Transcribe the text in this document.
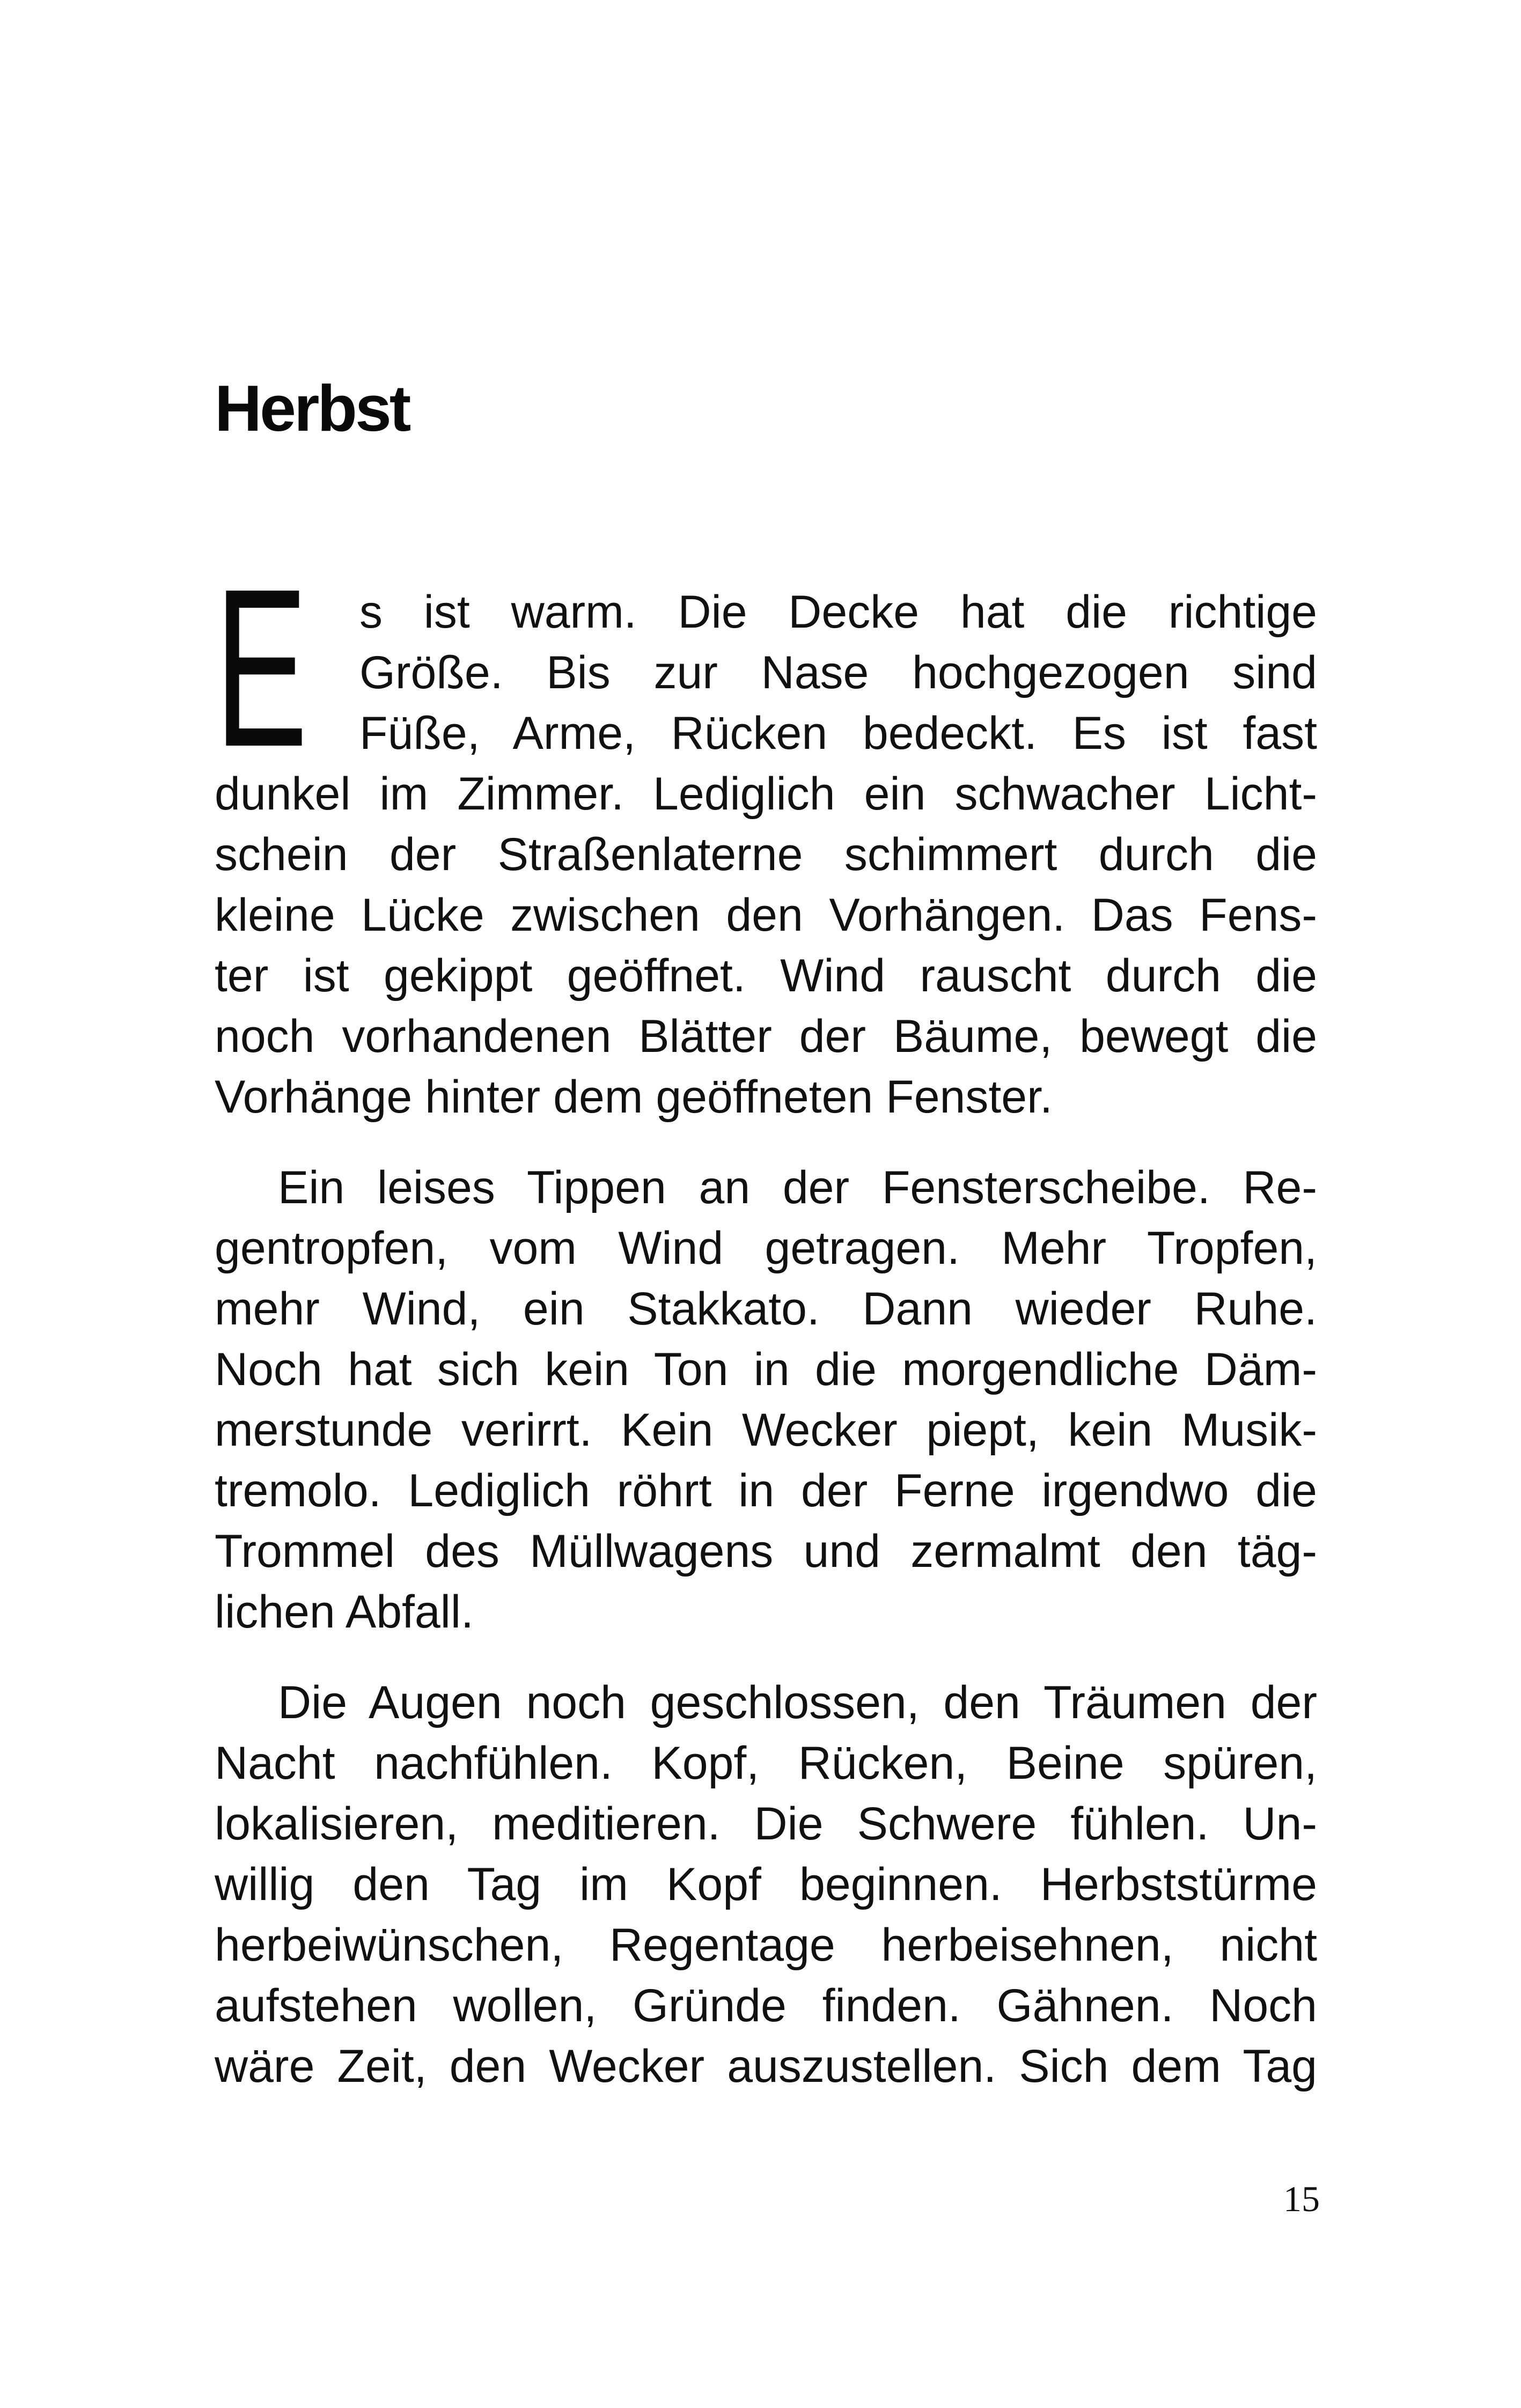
Herbst
E	s ist warm. Die Decke hat die richtige
Größe. Bis zur Nase hochgezogen sind
Füße, Arme, Rücken bedeckt. Es ist fast
dunkel im Zimmer. Lediglich ein schwacher Licht-
schein der Straßenlaterne schimmert durch die
kleine Lücke zwischen den Vorhängen. Das Fens-
ter ist gekippt geöffnet. Wind rauscht durch die
noch vorhandenen Blätter der Bäume, bewegt die
Vorhänge hinter dem geöffneten Fenster.
Ein leises Tippen an der Fensterscheibe. Re-
gentropfen, vom Wind getragen. Mehr Tropfen,
mehr Wind, ein Stakkato. Dann wieder Ruhe.
Noch hat sich kein Ton in die morgendliche Däm-
merstunde verirrt. Kein Wecker piept, kein Musik-
tremolo. Lediglich röhrt in der Ferne irgendwo die
Trommel des Müllwagens und zermalmt den täg-
lichen Abfall.
Die Augen noch geschlossen, den Träumen der
Nacht nachfühlen. Kopf, Rücken, Beine spüren,
lokalisieren, meditieren. Die Schwere fühlen. Un-
willig den Tag im Kopf beginnen. Herbststürme
herbeiwünschen, Regentage herbeisehnen, nicht
aufstehen wollen, Gründe finden. Gähnen. Noch
wäre Zeit, den Wecker auszustellen. Sich dem Tag
15
